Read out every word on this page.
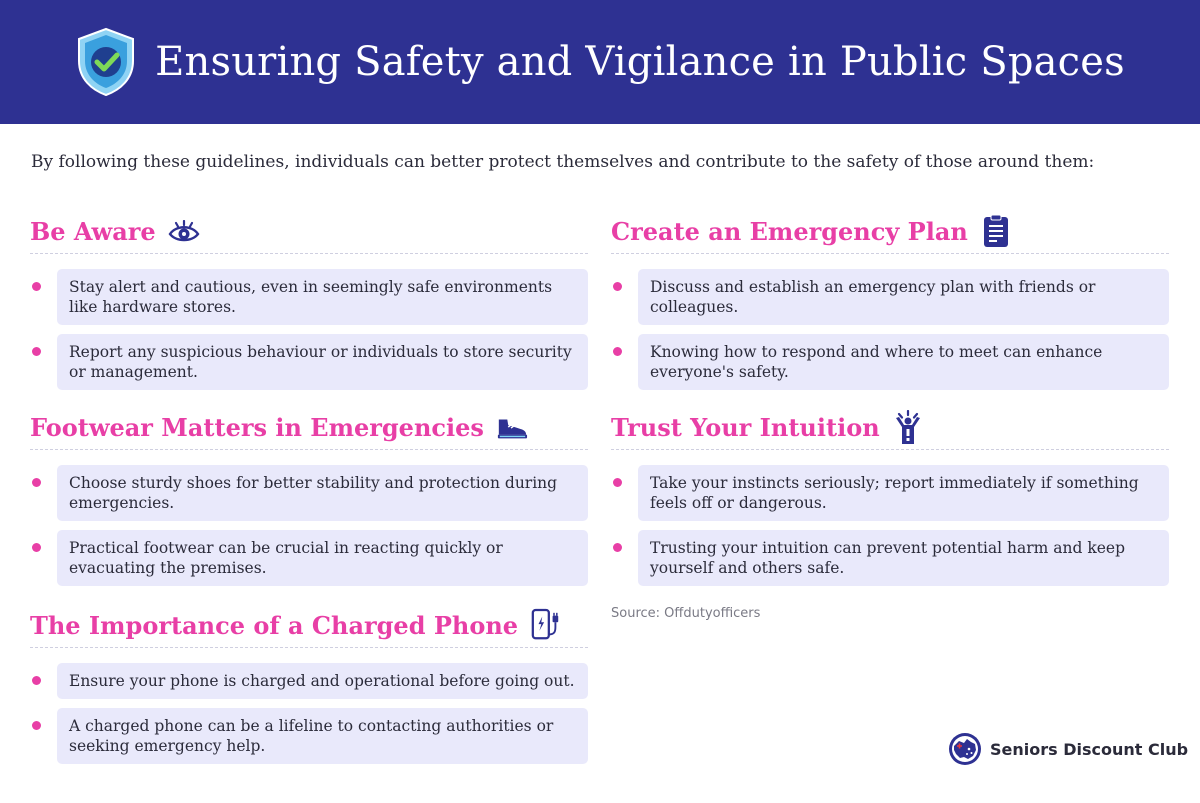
Ensuring Safety and Vigilance in Public Spaces
By following these guidelines, individuals can better protect themselves and contribute to the safety of those around them:
Be Aware
Stay alert and cautious, even in seemingly safe environments like hardware stores.
Report any suspicious behaviour or individuals to store security or management.
Footwear Matters in Emergencies
Choose sturdy shoes for better stability and protection during emergencies.
Practical footwear can be crucial in reacting quickly or evacuating the premises.
The Importance of a Charged Phone
Ensure your phone is charged and operational before going out.
A charged phone can be a lifeline to contacting authorities or seeking emergency help.
Create an Emergency Plan
Discuss and establish an emergency plan with friends or colleagues.
Knowing how to respond and where to meet can enhance everyone's safety.
Trust Your Intuition
Take your instincts seriously; report immediately if something feels off or dangerous.
Trusting your intuition can prevent potential harm and keep yourself and others safe.
Source: Offdutyofficers
Seniors Discount Club
